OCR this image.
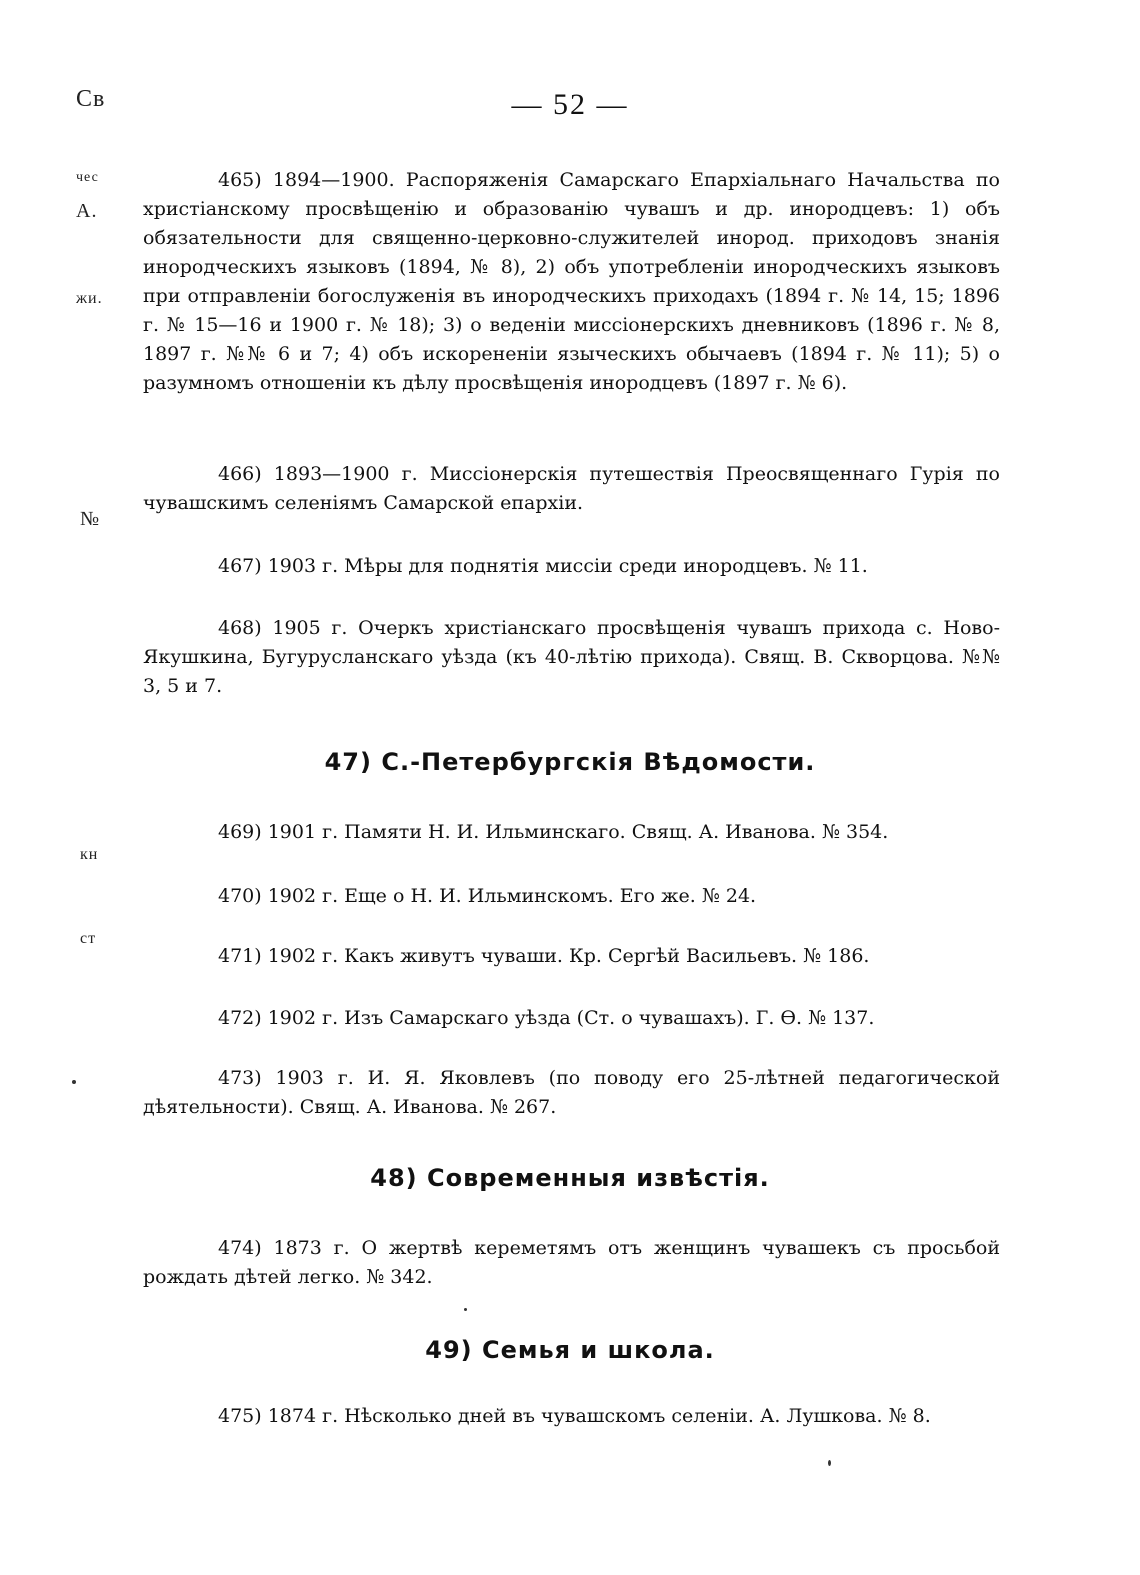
Св
чес
А.
жи.
№
кн
ст
— 52 —

465) 1894—1900. Распоряженія Самарскаго Епархіальнаго Начальства по христіанскому просвѣщенію и образованію чувашъ и др. инородцевъ: 1) объ обязательности для священно-церковно-служителей инород. приходовъ знанія инородческихъ языковъ (1894, № 8), 2) объ употребленіи инородческихъ языковъ при отправленіи богослуженія въ инородческихъ приходахъ (1894 г. № 14, 15; 1896 г. № 15—16 и 1900 г. № 18); 3) о веденіи миссіонерскихъ дневниковъ (1896 г. № 8, 1897 г. №№ 6 и 7; 4) объ искорененіи языческихъ обычаевъ (1894 г. № 11); 5) о разумномъ отношеніи къ дѣлу просвѣщенія инородцевъ (1897 г. № 6).

466) 1893—1900 г. Миссіонерскія путешествія Преосвященнаго Гурія по чувашскимъ селеніямъ Самарской епархіи.

467) 1903 г. Мѣры для поднятія миссіи среди инородцевъ. № 11.

468) 1905 г. Очеркъ христіанскаго просвѣщенія чувашъ прихода с. Ново-Якушкина, Бугурусланскаго уѣзда (къ 40-лѣтію прихода). Свящ. В. Скворцова. №№ 3, 5 и 7.

47) С.-Петербургскія Вѣдомости.

469) 1901 г. Памяти Н. И. Ильминскаго. Свящ. А. Иванова. № 354.

470) 1902 г. Еще о Н. И. Ильминскомъ. Его же. № 24.

471) 1902 г. Какъ живутъ чуваши. Кр. Сергѣй Васильевъ. № 186.

472) 1902 г. Изъ Самарскаго уѣзда (Ст. о чувашахъ). Г. Ѳ. № 137.

473) 1903 г. И. Я. Яковлевъ (по поводу его 25-лѣтней педагогической дѣятельности). Свящ. А. Иванова. № 267.

48) Современныя извѣстія.

474) 1873 г. О жертвѣ кереметямъ отъ женщинъ чувашекъ съ просьбой рождать дѣтей легко. № 342.

49) Семья и школа.

475) 1874 г. Нѣсколько дней въ чувашскомъ селеніи. А. Лушкова. № 8.
